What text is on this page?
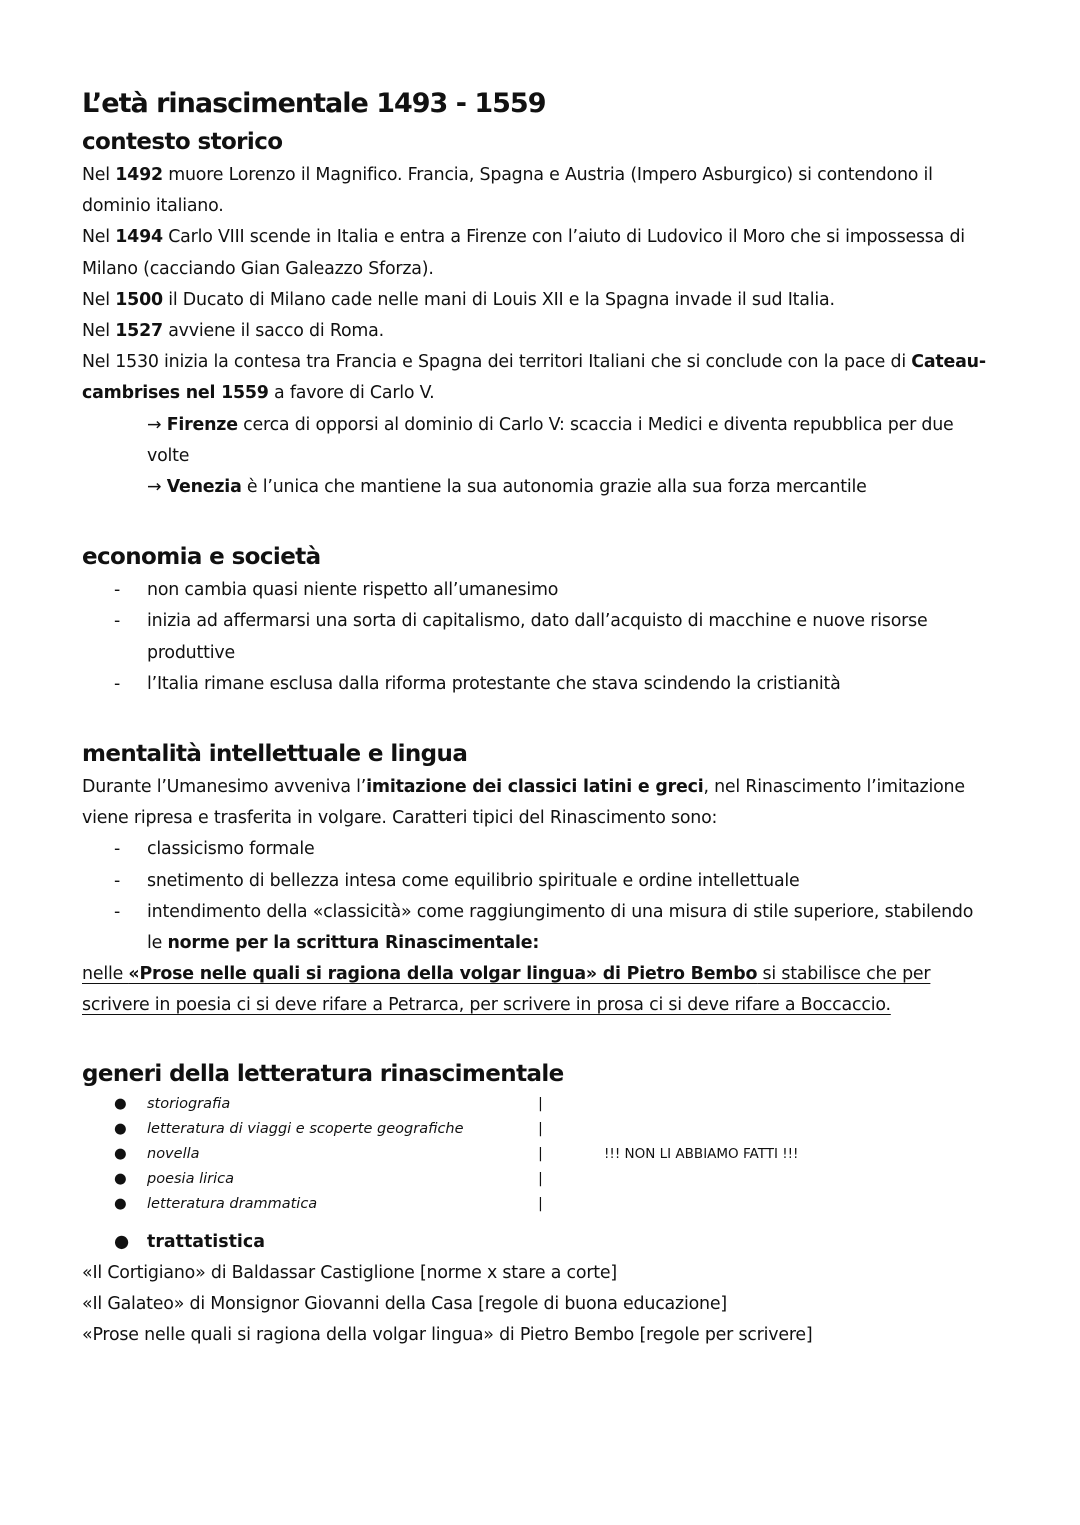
L’età rinascimentale 1493 - 1559
contesto storico

Nel 1492 muore Lorenzo il Magnifico. Francia, Spagna e Austria (Impero Asburgico) si contendono il dominio italiano.

Nel 1494 Carlo VIII scende in Italia e entra a Firenze con l’aiuto di Ludovico il Moro che si impossessa di Milano (cacciando Gian Galeazzo Sforza).

Nel 1500 il Ducato di Milano cade nelle mani di Louis XII e la Spagna invade il sud Italia.

Nel 1527 avviene il sacco di Roma.

Nel 1530 inizia la contesa tra Francia e Spagna dei territori Italiani che si conclude con la pace di Cateau-cambrises nel 1559 a favore di Carlo V.

→ Firenze cerca di opporsi al dominio di Carlo V: scaccia i Medici e diventa repubblica per due volte

→ Venezia è l’unica che mantiene la sua autonomia grazie alla sua forza mercantile

economia e società
- non cambia quasi niente rispetto all’umanesimo
- inizia ad affermarsi una sorta di capitalismo, dato dall’acquisto di macchine e nuove risorse produttive
- l’Italia rimane esclusa dalla riforma protestante che stava scindendo la cristianità
mentalità intellettuale e lingua

Durante l’Umanesimo avveniva l’imitazione dei classici latini e greci, nel Rinascimento l’imitazione viene ripresa e trasferita in volgare. Caratteri tipici del Rinascimento sono:

- classicismo formale
- snetimento di bellezza intesa come equilibrio spirituale e ordine intellettuale
- intendimento della «classicità» come raggiungimento di una misura di stile superiore, stabilendo le norme per la scrittura Rinascimentale:

nelle «Prose nelle quali si ragiona della volgar lingua» di Pietro Bembo si stabilisce che per scrivere in poesia ci si deve rifare a Petrarca, per scrivere in prosa ci si deve rifare a Boccaccio.

generi della letteratura rinascimentale
● storiografia	|
● letteratura di viaggi e scoperte geografiche	|
● novella	|
● poesia lirica	|
● letteratura drammatica	|
!!! NON LI ABBIAMO FATTI !!!
● trattatistica

«Il Cortigiano» di Baldassar Castiglione [norme x stare a corte]

«Il Galateo» di Monsignor Giovanni della Casa [regole di buona educazione]

«Prose nelle quali si ragiona della volgar lingua» di Pietro Bembo [regole per scrivere]
